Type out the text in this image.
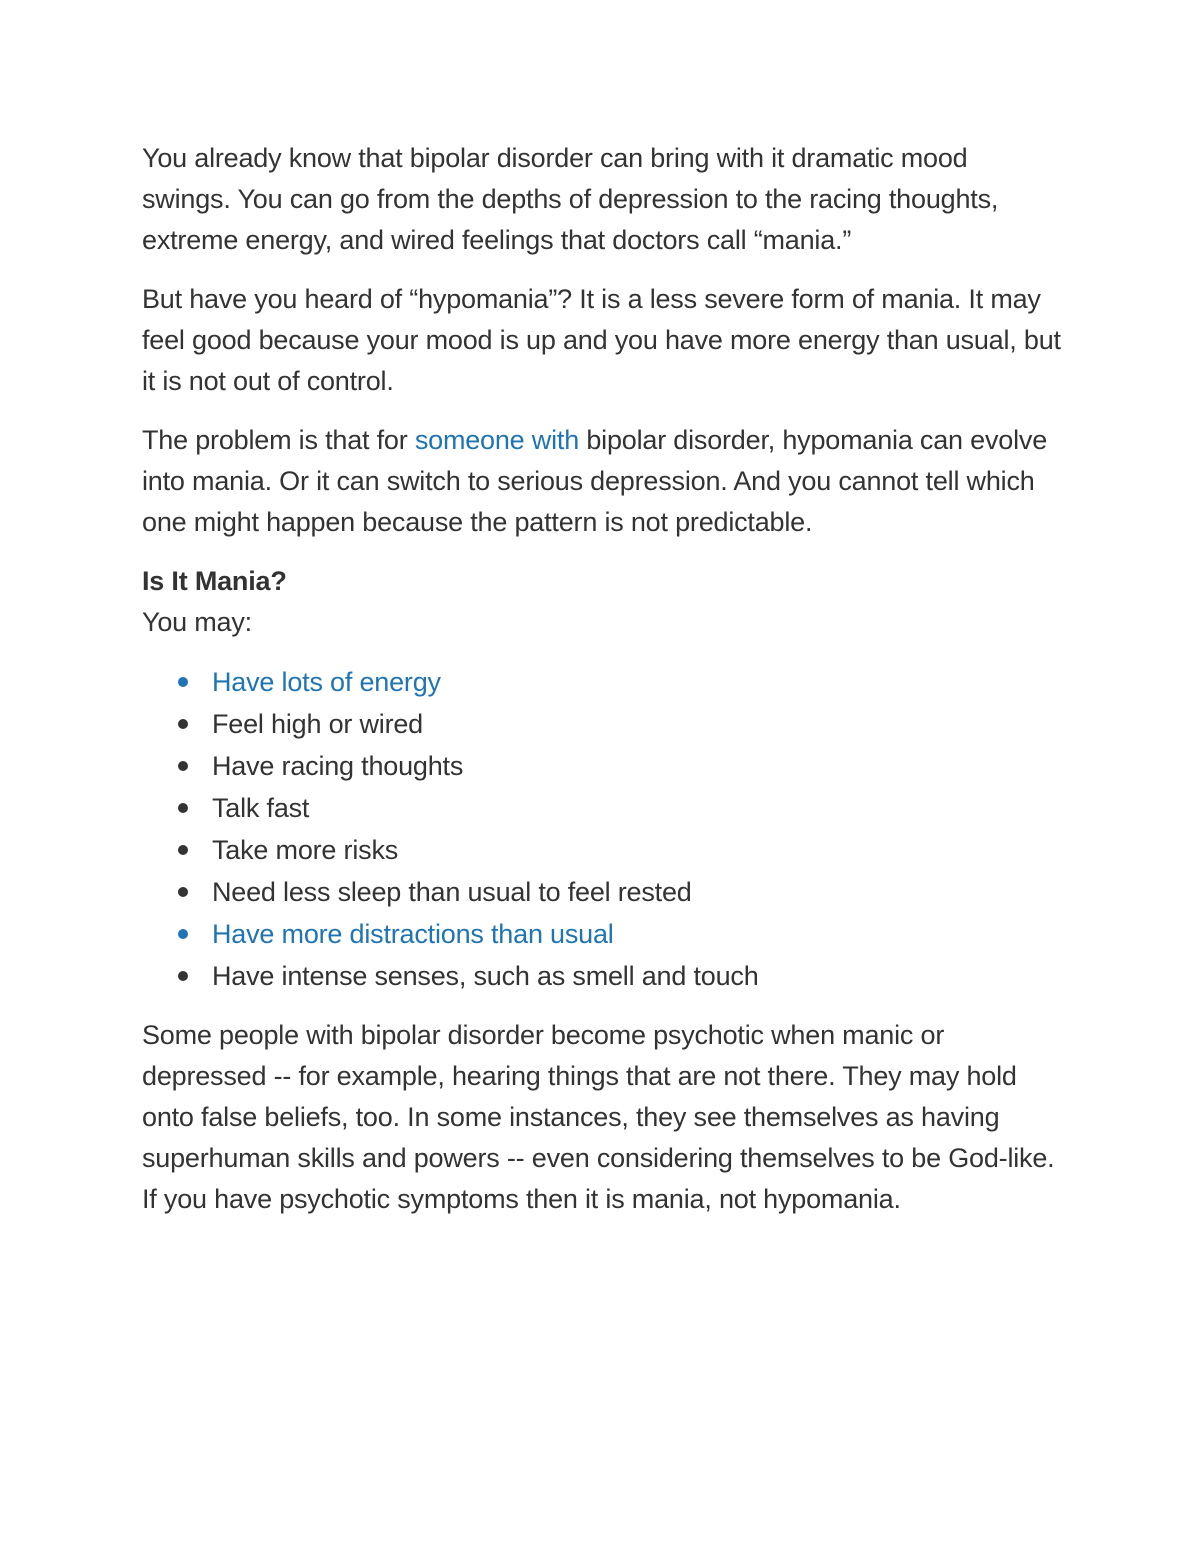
You already know that bipolar disorder can bring with it dramatic mood swings. You can go from the depths of depression to the racing thoughts, extreme energy, and wired feelings that doctors call “mania.”

But have you heard of “hypomania”? It is a less severe form of mania. It may feel good because your mood is up and you have more energy than usual, but it is not out of control.

The problem is that for someone with bipolar disorder, hypomania can evolve into mania. Or it can switch to serious depression. And you cannot tell which one might happen because the pattern is not predictable.

Is It Mania?

You may:

Have lots of energy
Feel high or wired
Have racing thoughts
Talk fast
Take more risks
Need less sleep than usual to feel rested
Have more distractions than usual
Have intense senses, such as smell and touch

Some people with bipolar disorder become psychotic when manic or depressed -- for example, hearing things that are not there. They may hold onto false beliefs, too. In some instances, they see themselves as having superhuman skills and powers -- even considering themselves to be God-like. If you have psychotic symptoms then it is mania, not hypomania.
